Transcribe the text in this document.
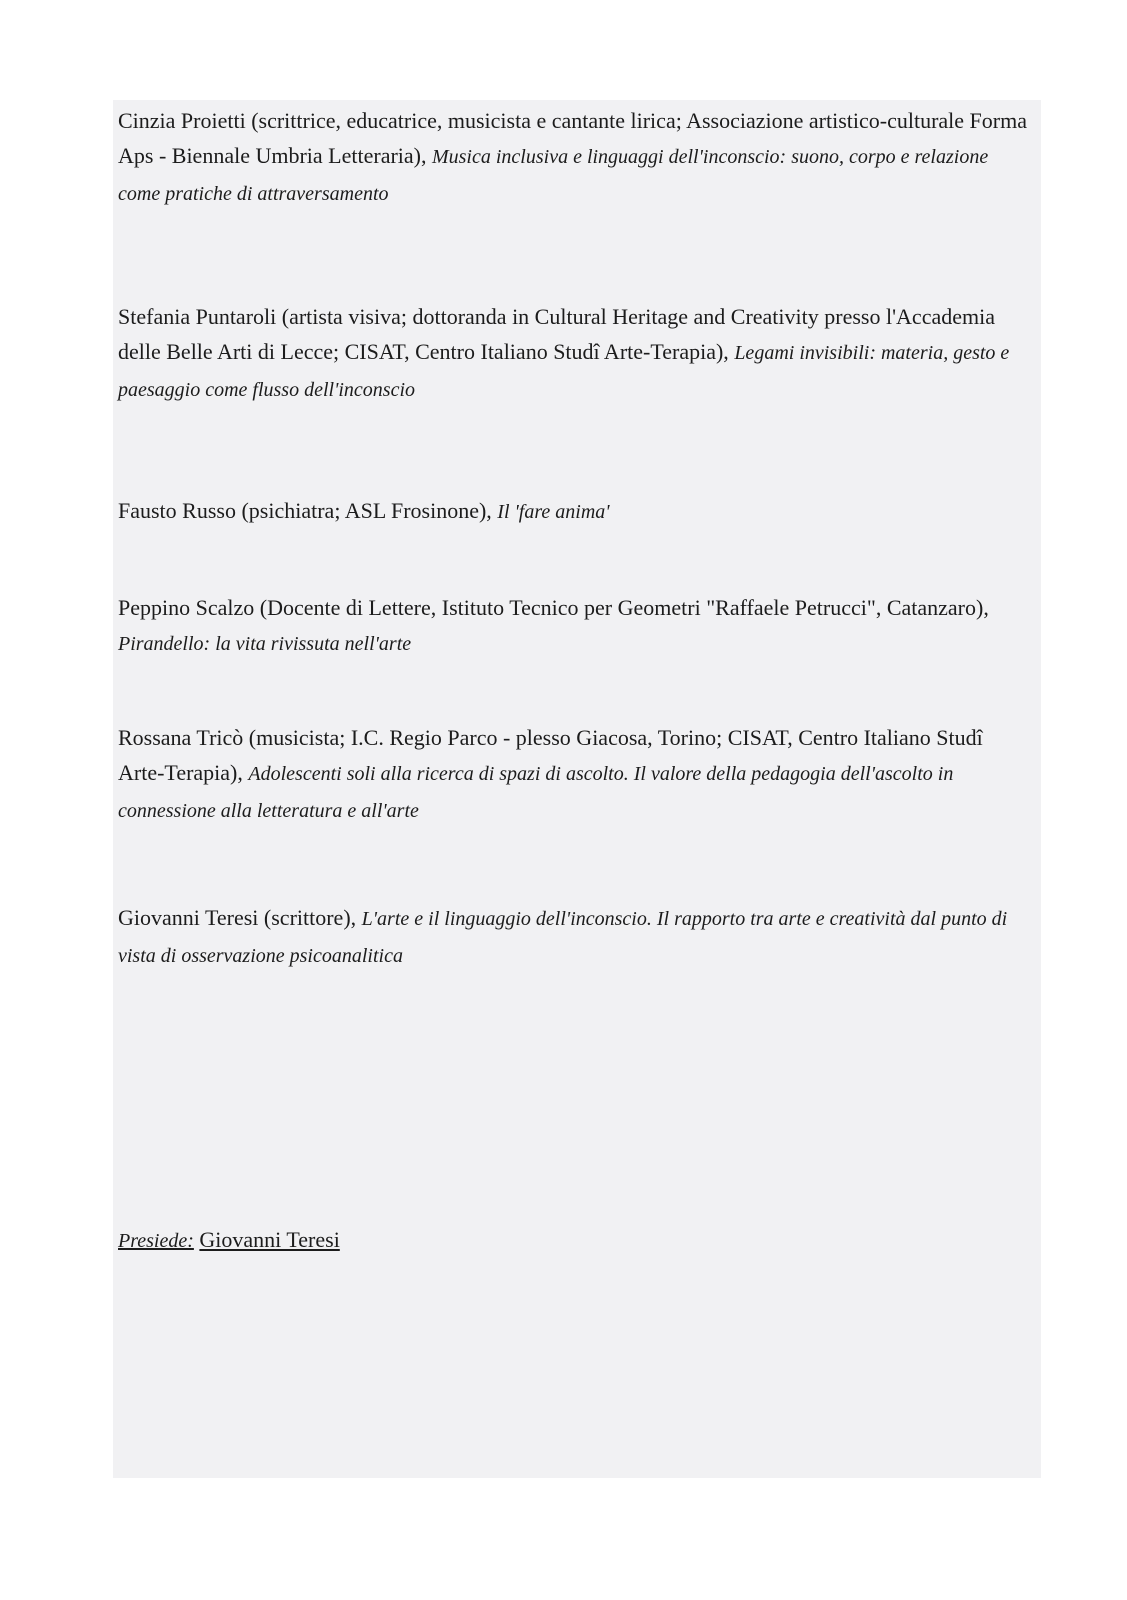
Cinzia Proietti (scrittrice, educatrice, musicista e cantante lirica; Associazione artistico-culturale Forma Aps - Biennale Umbria Letteraria), Musica inclusiva e linguaggi dell'inconscio: suono, corpo e relazione come pratiche di attraversamento

Stefania Puntaroli (artista visiva; dottoranda in Cultural Heritage and Creativity presso l'Accademia delle Belle Arti di Lecce; CISAT, Centro Italiano Studî Arte-Terapia), Legami invisibili: materia, gesto e paesaggio come flusso dell'inconscio

Fausto Russo (psichiatra; ASL Frosinone), Il 'fare anima'

Peppino Scalzo (Docente di Lettere, Istituto Tecnico per Geometri "Raffaele Petrucci", Catanzaro), Pirandello: la vita rivissuta nell'arte

Rossana Tricò (musicista; I.C. Regio Parco - plesso Giacosa, Torino; CISAT, Centro Italiano Studî Arte-Terapia), Adolescenti soli alla ricerca di spazi di ascolto. Il valore della pedagogia dell'ascolto in connessione alla letteratura e all'arte

Giovanni Teresi (scrittore), L'arte e il linguaggio dell'inconscio. Il rapporto tra arte e creatività dal punto di vista di osservazione psicoanalitica

Presiede: Giovanni Teresi
